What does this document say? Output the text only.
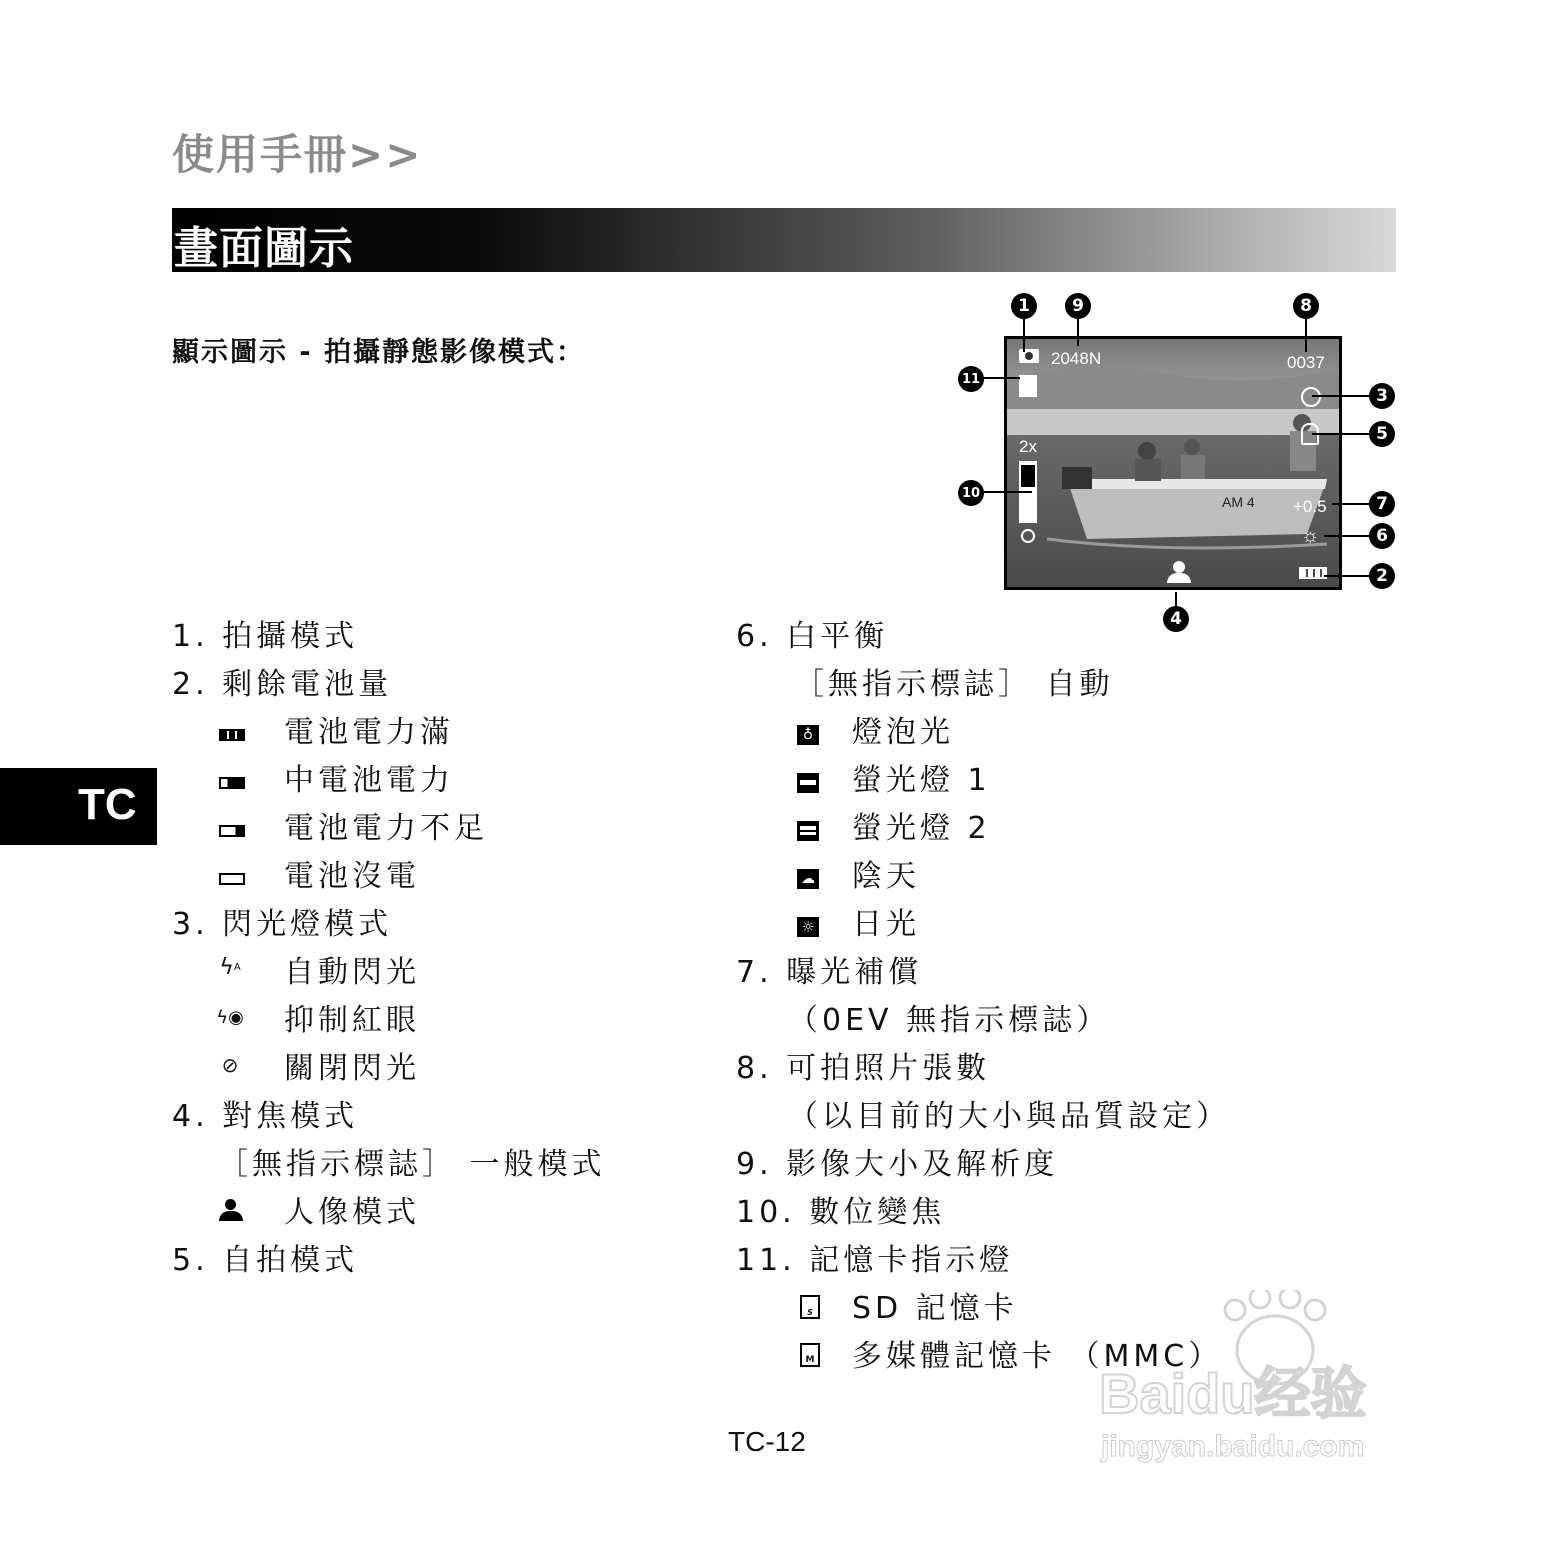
使用手冊>>
畫面圖示
顯示圖示 - 拍攝靜態影像模式：
TC
AM 4
2048N	0037
2x
+0.5
☼
1	9	8
11
3
5
10
7
6
2
4
1. 拍攝模式
2. 剩餘電池量
電池電力滿
中電池電力
電池電力不足
電池沒電
3. 閃光燈模式
ϟ A 自動閃光
ϟ◉ 抑制紅眼
⊘ 關閉閃光
4. 對焦模式
［無指示標誌］ 一般模式
人像模式
5. 自拍模式
6. 白平衡
［無指示標誌］ 自動
♁ 燈泡光
螢光燈 1
螢光燈 2
☁ 陰天
☼ 日光
7. 曝光補償
（0EV 無指示標誌）
8. 可拍照片張數
（以目前的大小與品質設定）
9. 影像大小及解析度
10. 數位變焦
11. 記憶卡指示燈
S SD 記憶卡
M 多媒體記憶卡 （MMC）
TC-12
Baidu经验
jingyan.baidu.com
